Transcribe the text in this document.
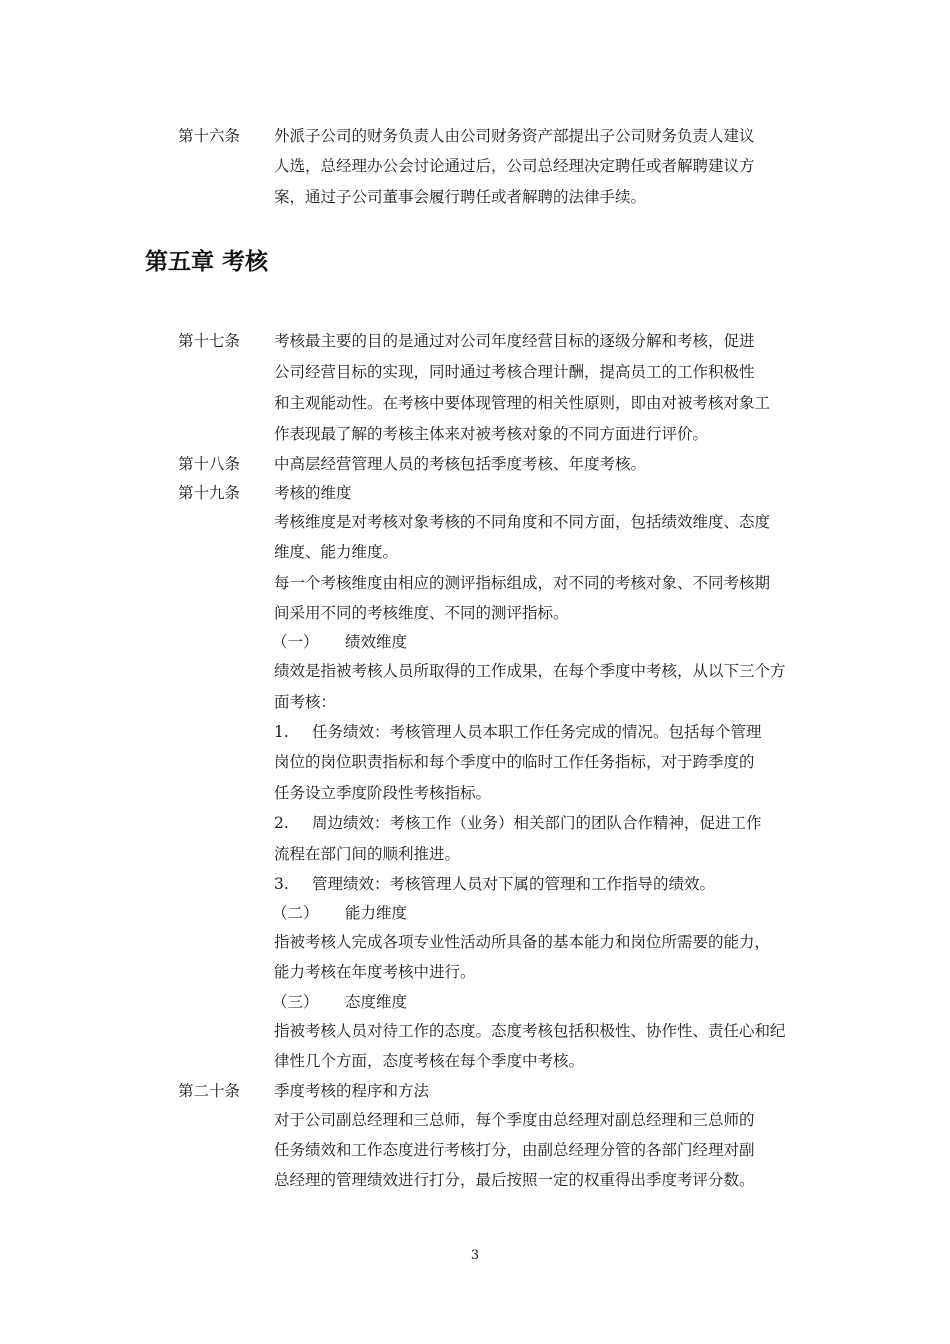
第十六条 外派子公司的财务负责人由公司财务资产部提出子公司财务负责人建议
人选，总经理办公会讨论通过后，公司总经理决定聘任或者解聘建议方
案，通过子公司董事会履行聘任或者解聘的法律手续。
第五章 考核
第十七条 考核最主要的目的是通过对公司年度经营目标的逐级分解和考核，促进
公司经营目标的实现，同时通过考核合理计酬，提高员工的工作积极性
和主观能动性。在考核中要体现管理的相关性原则，即由对被考核对象工
作表现最了解的考核主体来对被考核对象的不同方面进行评价。
第十八条 中高层经营管理人员的考核包括季度考核、年度考核。
第十九条 考核的维度
考核维度是对考核对象考核的不同角度和不同方面，包括绩效维度、态度
维度、能力维度。
每一个考核维度由相应的测评指标组成，对不同的考核对象、不同考核期
间采用不同的考核维度、不同的测评指标。
（一） 绩效维度
绩效是指被考核人员所取得的工作成果，在每个季度中考核，从以下三个方
面考核：
1. 任务绩效：考核管理人员本职工作任务完成的情况。包括每个管理
岗位的岗位职责指标和每个季度中的临时工作任务指标，对于跨季度的
任务设立季度阶段性考核指标。
2. 周边绩效：考核工作（业务）相关部门的团队合作精神，促进工作
流程在部门间的顺利推进。
3. 管理绩效：考核管理人员对下属的管理和工作指导的绩效。
（二） 能力维度
指被考核人完成各项专业性活动所具备的基本能力和岗位所需要的能力，
能力考核在年度考核中进行。
（三） 态度维度
指被考核人员对待工作的态度。态度考核包括积极性、协作性、责任心和纪
律性几个方面，态度考核在每个季度中考核。
第二十条 季度考核的程序和方法
对于公司副总经理和三总师，每个季度由总经理对副总经理和三总师的
任务绩效和工作态度进行考核打分，由副总经理分管的各部门经理对副
总经理的管理绩效进行打分，最后按照一定的权重得出季度考评分数。
3
